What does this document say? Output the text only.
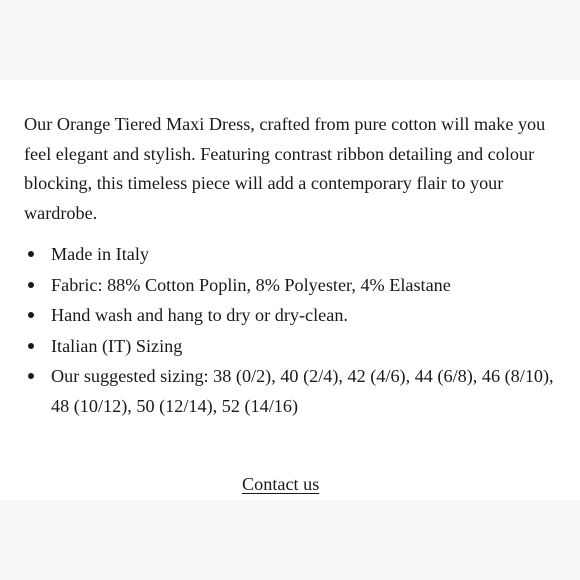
Our Orange Tiered Maxi Dress, crafted from pure cotton will make you feel elegant and stylish. Featuring contrast ribbon detailing and colour blocking, this timeless piece will add a contemporary flair to your wardrobe.

Made in Italy
Fabric: 88% Cotton Poplin, 8% Polyester, 4% Elastane
Hand wash and hang to dry or dry-clean.
Italian (IT) Sizing
Our suggested sizing: 38 (0/2), 40 (2/4), 42 (4/6), 44 (6/8), 46 (8/10), 48 (10/12), 50 (12/14), 52 (14/16)
Contact us
